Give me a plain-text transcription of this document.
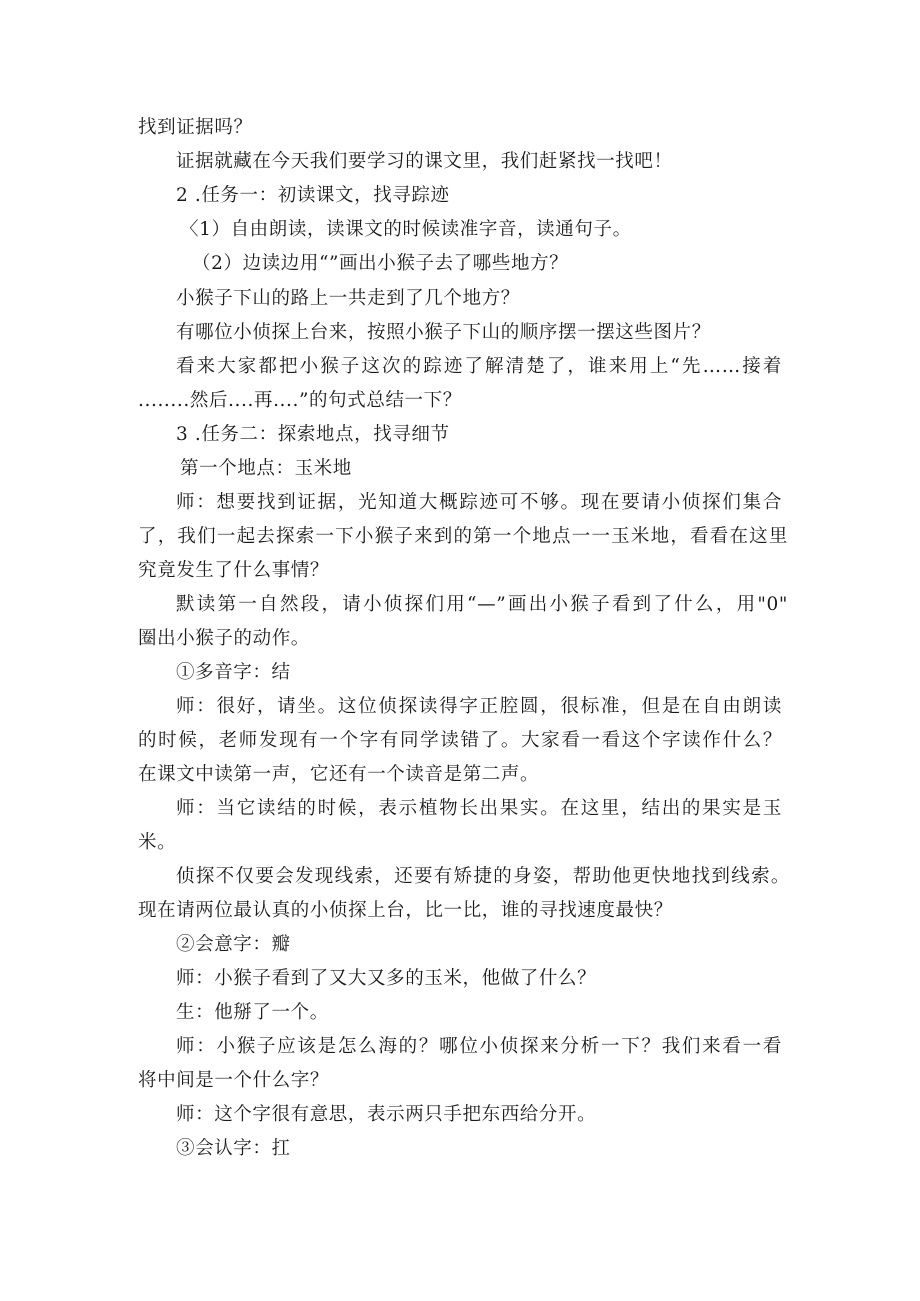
找到证据吗？
证据就藏在今天我们要学习的课文里，我们赶紧找一找吧！
2 .任务一：初读课文，找寻踪迹
〈1）自由朗读，读课文的时候读准字音，读通句子。
（2）边读边用“”画出小猴子去了哪些地方？
小猴子下山的路上一共走到了几个地方？
有哪位小侦探上台来，按照小猴子下山的顺序摆一摆这些图片？
看来大家都把小猴子这次的踪迹了解清楚了，谁来用上“先……接着
........然后....再....”的句式总结一下？
3 .任务二：探索地点，找寻细节
第一个地点：玉米地
师：想要找到证据，光知道大概踪迹可不够。现在要请小侦探们集合
了，我们一起去探索一下小猴子来到的第一个地点一一玉米地，看看在这里
究竟发生了什么事情？
默读第一自然段，请小侦探们用“—”画出小猴子看到了什么，用"0"
圈出小猴子的动作。
①多音字：结
师：很好，请坐。这位侦探读得字正腔圆，很标准，但是在自由朗读
的时候，老师发现有一个字有同学读错了。大家看一看这个字读作什么？
在课文中读第一声，它还有一个读音是第二声。
师：当它读结的时候，表示植物长出果实。在这里，结出的果实是玉
米。
侦探不仅要会发现线索，还要有矫捷的身姿，帮助他更快地找到线索。
现在请两位最认真的小侦探上台，比一比，谁的寻找速度最快？
②会意字：瓣
师：小猴子看到了又大又多的玉米，他做了什么？
生：他掰了一个。
师：小猴子应该是怎么海的？哪位小侦探来分析一下？我们来看一看
将中间是一个什么字？
师：这个字很有意思，表示两只手把东西给分开。
③会认字：扛
